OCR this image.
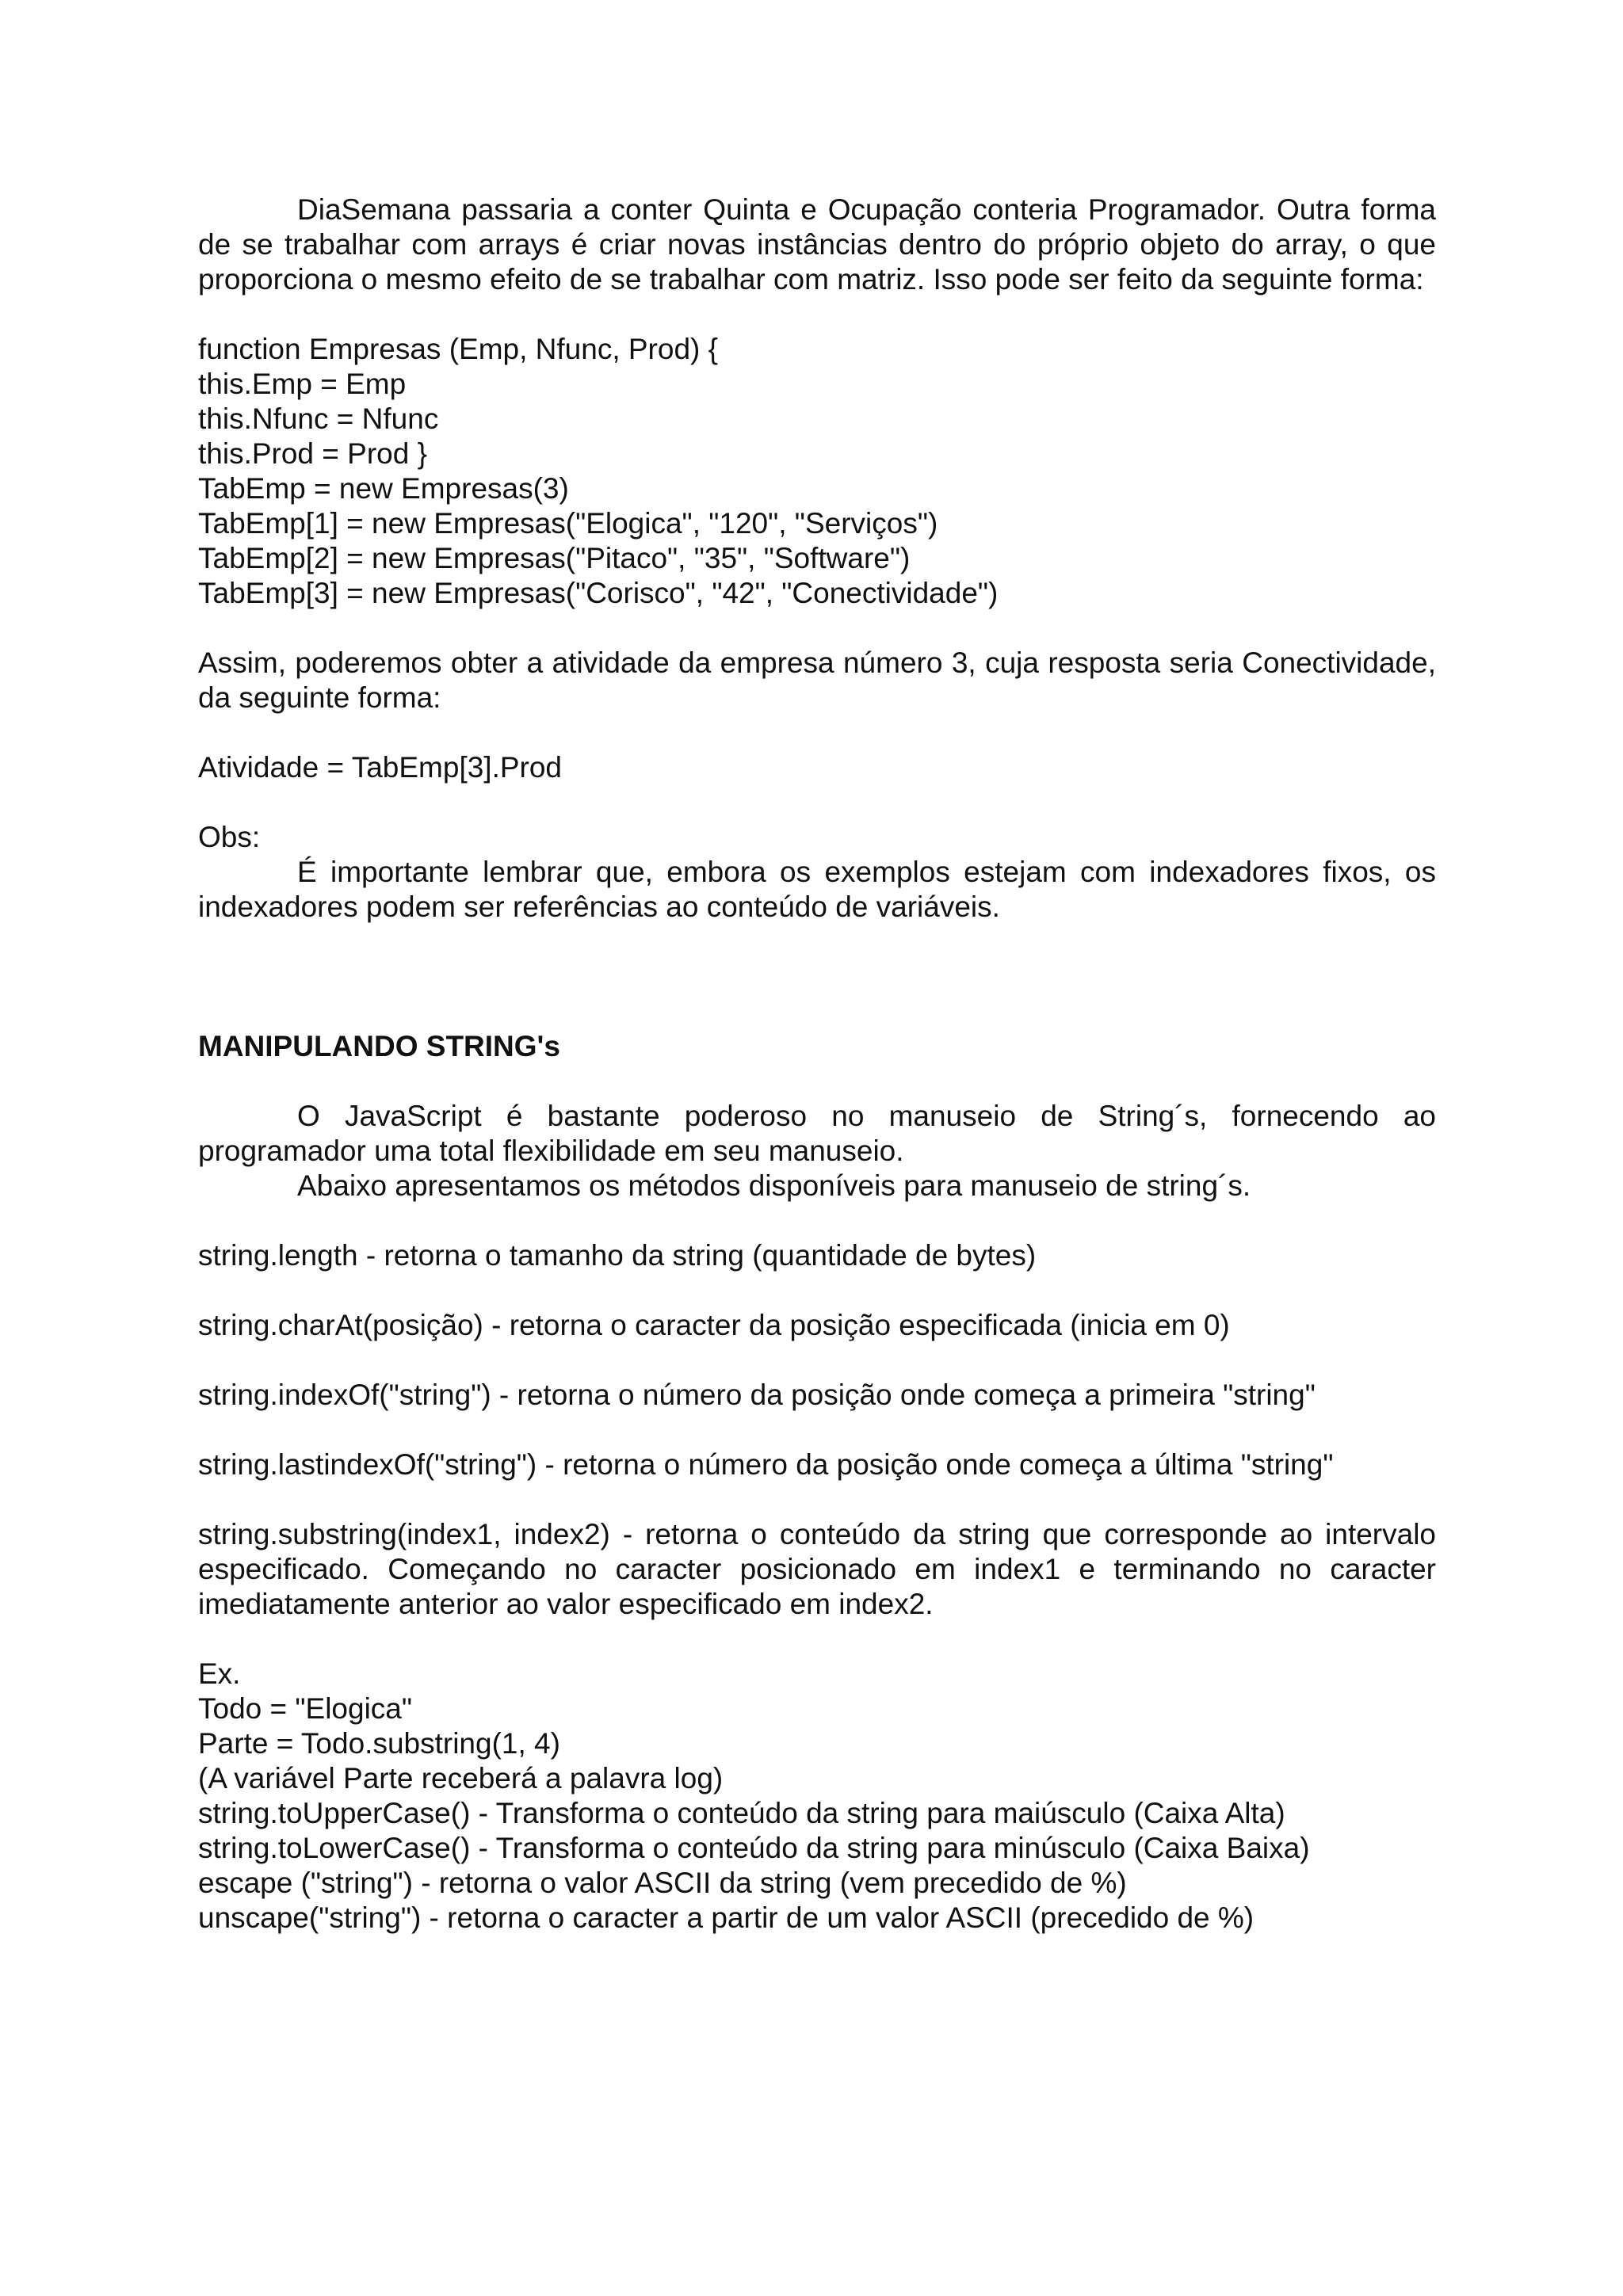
DiaSemana passaria a conter Quinta e Ocupação conteria Programador. Outra forma de se trabalhar com arrays é criar novas instâncias dentro do próprio objeto do array, o que proporciona o mesmo efeito de se trabalhar com matriz. Isso pode ser feito da seguinte forma:

function Empresas (Emp, Nfunc, Prod) {
this.Emp = Emp
this.Nfunc = Nfunc
this.Prod = Prod }
TabEmp = new Empresas(3)
TabEmp[1] = new Empresas("Elogica", "120", "Serviços")
TabEmp[2] = new Empresas("Pitaco", "35", "Software")
TabEmp[3] = new Empresas("Corisco", "42", "Conectividade")

Assim, poderemos obter a atividade da empresa número 3, cuja resposta seria Conectividade, da seguinte forma:

Atividade = TabEmp[3].Prod
Obs:

É importante lembrar que, embora os exemplos estejam com indexadores fixos, os indexadores podem ser referências ao conteúdo de variáveis.

MANIPULANDO STRING's

O JavaScript é bastante poderoso no manuseio de String´s, fornecendo ao programador uma total flexibilidade em seu manuseio.

Abaixo apresentamos os métodos disponíveis para manuseio de string´s.

string.length - retorna o tamanho da string (quantidade de bytes)

string.charAt(posição) - retorna o caracter da posição especificada (inicia em 0)

string.indexOf("string") - retorna o número da posição onde começa a primeira "string"

string.lastindexOf("string") - retorna o número da posição onde começa a última "string"

string.substring(index1, index2) - retorna o conteúdo da string que corresponde ao intervalo especificado. Começando no caracter posicionado em index1 e terminando no caracter imediatamente anterior ao valor especificado em index2.

Ex.
Todo = "Elogica"
Parte = Todo.substring(1, 4)
(A variável Parte receberá a palavra log)
string.toUpperCase() - Transforma o conteúdo da string para maiúsculo (Caixa Alta)
string.toLowerCase() - Transforma o conteúdo da string para minúsculo (Caixa Baixa)
escape ("string") - retorna o valor ASCII da string (vem precedido de %)
unscape("string") - retorna o caracter a partir de um valor ASCII (precedido de %)
